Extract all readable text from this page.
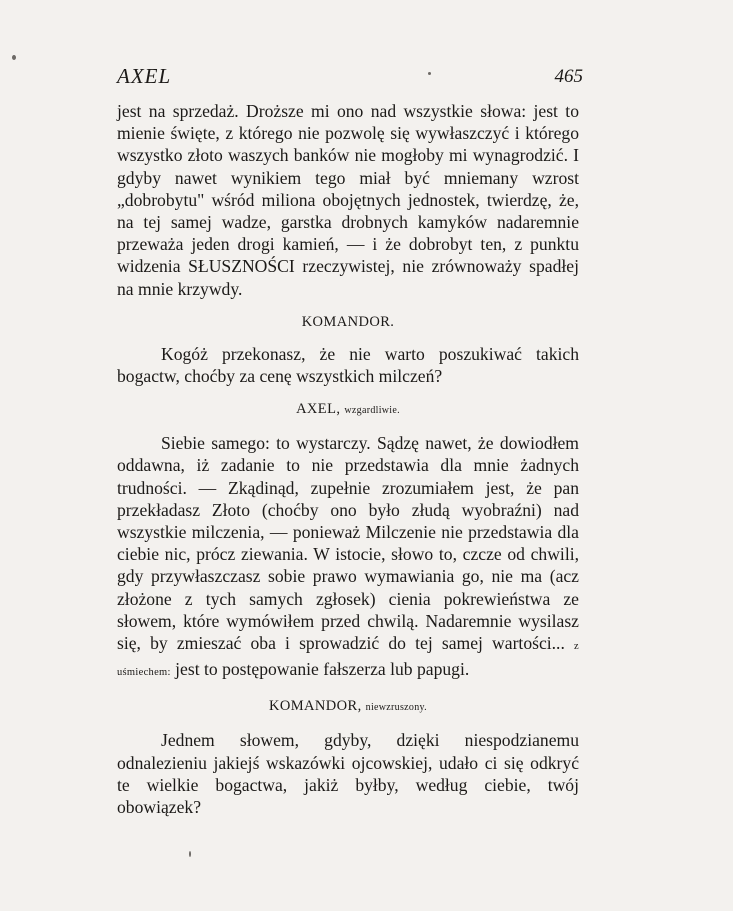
AXEL	465

jest na sprzedaż. Droższe mi ono nad wszystkie słowa: jest to mienie święte, z którego nie pozwolę się wywłaszczyć i którego wszystko złoto waszych banków nie mogłoby mi wynagrodzić. I gdyby nawet wynikiem tego miał być mniemany wzrost „dobrobytu" wśród miliona obojętnych jednostek, twierdzę, że, na tej samej wadze, garstka drobnych kamyków nadaremnie przeważa jeden drogi kamień, — i że dobrobyt ten, z punktu widzenia SŁUSZNOŚCI rzeczywistej, nie zrównoważy spadłej na mnie krzywdy.

KOMANDOR.

Kogóż przekonasz, że nie warto poszukiwać takich bogactw, choćby za cenę wszystkich milczeń?

AXEL, wzgardliwie.

Siebie samego: to wystarczy. Sądzę nawet, że dowiodłem oddawna, iż zadanie to nie przedstawia dla mnie żadnych trudności. — Zkądinąd, zupełnie zrozumiałem jest, że pan przekładasz Złoto (choćby ono było złudą wyobraźni) nad wszystkie milczenia, — ponieważ Milczenie nie przedstawia dla ciebie nic, prócz ziewania. W istocie, słowo to, czcze od chwili, gdy przywłaszczasz sobie prawo wymawiania go, nie ma (acz złożone z tych samych zgłosek) cienia pokrewieństwa ze słowem, które wymówiłem przed chwilą. Nadaremnie wysilasz się, by zmieszać oba i sprowadzić do tej samej wartości... z uśmiechem: jest to postępowanie fałszerza lub papugi.

KOMANDOR, niewzruszony.

Jednem słowem, gdyby, dzięki niespodzianemu odnalezieniu jakiejś wskazówki ojcowskiej, udało ci się odkryć te wielkie bogactwa, jakiż byłby, według ciebie, twój obowiązek?
